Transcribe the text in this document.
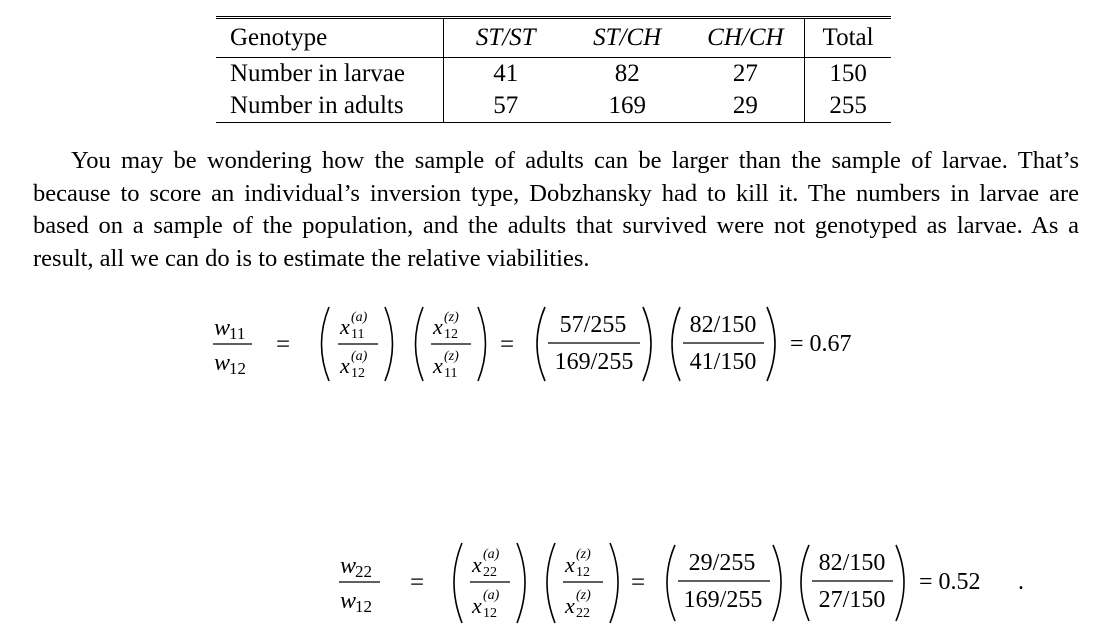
Genotype	ST/ST	ST/CH	CH/CH	Total
Number in larvae	41	82	27	150
Number in adults	57	169	29	255

You may be wondering how the sample of adults can be larger than the sample of larvae. That’s because to score an individual’s inversion type, Dobzhansky had to kill it. The numbers in larvae are based on a sample of the population, and the adults that survived were not genotyped as larvae. As a result, all we can do is to estimate the relative viabilities.

w
11
w
12
=
x (a)
11
x (a)
12
x (z)
12
x (z)
11
=
57/255
169/255
82/150
41/150
= 0.67
w
22
w
12
=
x (a)
22
x (a)
12
x (z)
12
x (z)
22
=
29/255
169/255
82/150
27/150
= 0.52 .
